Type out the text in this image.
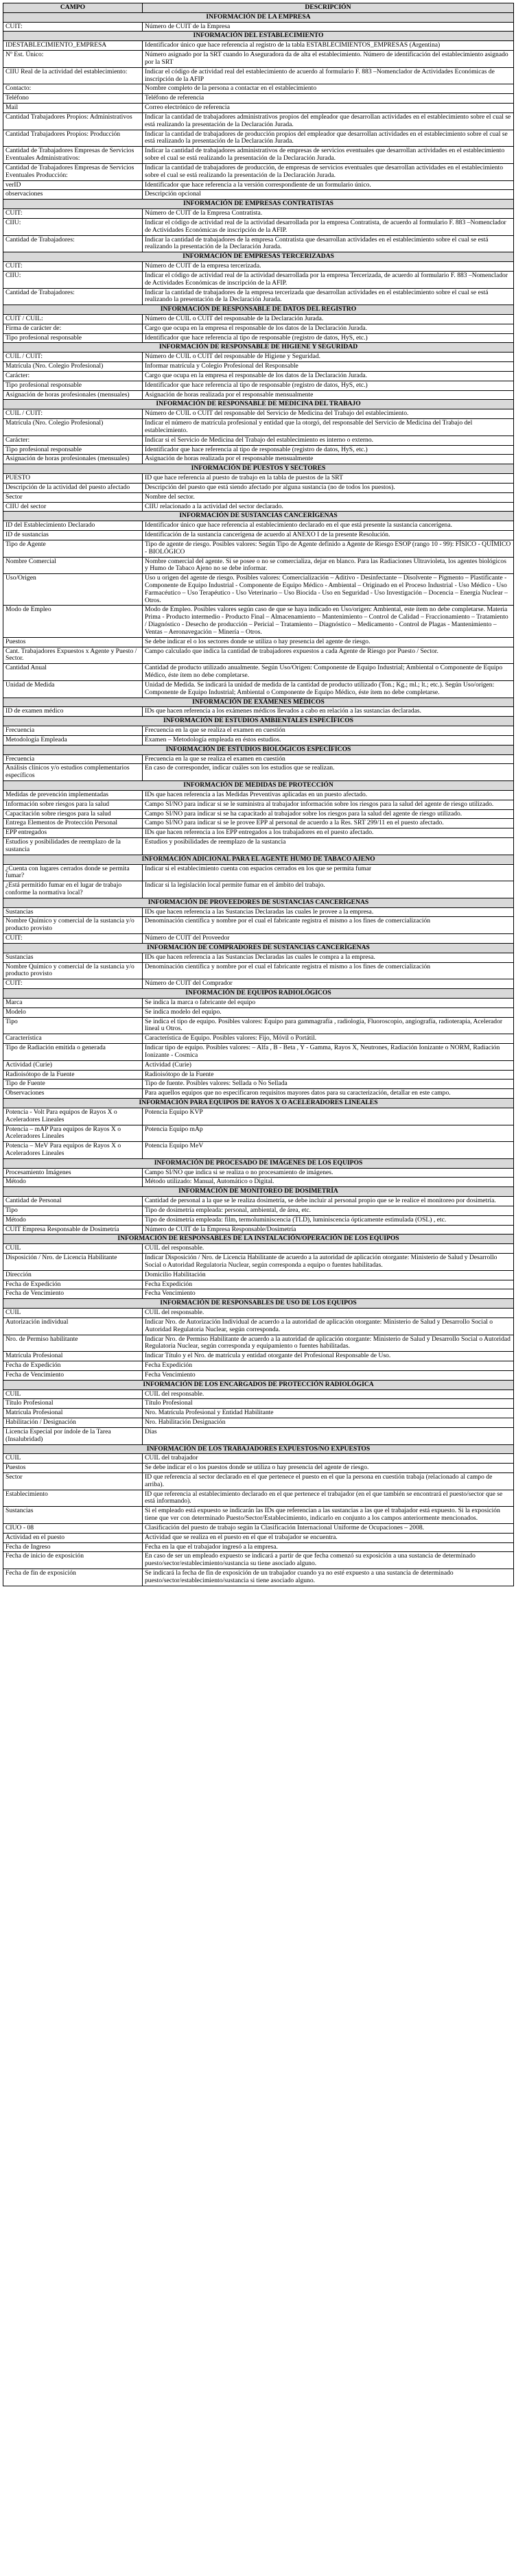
CAMPO	DESCRIPCIÓN
INFORMACIÓN DE LA EMPRESA	
CUIT:	Número de CUIT de la Empresa
INFORMACIÓN DEL ESTABLECIMIENTO	
IDESTABLECIMIENTO_EMPRESA	Identificador único que hace referencia al registro de la tabla ESTABLECIMIENTOS_EMPRESAS (Argentina)
Nº Est. Único:	Número asignado por la SRT cuando lo Aseguradora da de alta el establecimiento. Número de identificación del establecimiento asignado por la SRT
CIIU Real de la actividad del establecimiento:	Indicar el código de actividad real del establecimiento de acuerdo al formulario F. 883 –Nomenclador de Actividades Económicas de inscripción de la AFIP
Contacto:	Nombre completo de la persona a contactar en el establecimiento
Teléfono	Teléfono de referencia
Mail	Correo electrónico de referencia
Cantidad Trabajadores Propios: Administrativos	Indicar la cantidad de trabajadores administrativos propios del empleador que desarrollan actividades en el establecimiento sobre el cual se está realizando la presentación de la Declaración Jurada.
Cantidad Trabajadores Propios: Producción	Indicar la cantidad de trabajadores de producción propios del empleador que desarrollan actividades en el establecimiento sobre el cual se está realizando la presentación de la Declaración Jurada.
Cantidad de Trabajadores Empresas de Servicios Eventuales Administrativos:	Indicar la cantidad de trabajadores administrativos de empresas de servicios eventuales que desarrollan actividades en el establecimiento sobre el cual se está realizando la presentación de la Declaración Jurada.
Cantidad de Trabajadores Empresas de Servicios Eventuales Producción:	Indicar la cantidad de trabajadores de producción, de empresas de servicios eventuales que desarrollan actividades en el establecimiento sobre el cual se está realizando la presentación de la Declaración Jurada.
verID	Identificador que hace referencia a la versión correspondiente de un formulario único.
observaciones	Descripción opcional
INFORMACIÓN DE EMPRESAS CONTRATISTAS	
CUIT:	Número de CUIT de la Empresa Contratista.
CIIU:	Indicar el código de actividad real de la actividad desarrollada por la empresa Contratista, de acuerdo al formulario F. 883 –Nomenclador de Actividades Económicas de inscripción de la AFIP.
Cantidad de Trabajadores:	Indicar la cantidad de trabajadores de la empresa Contratista que desarrollan actividades en el establecimiento sobre el cual se está realizando la presentación de la Declaración Jurada.
INFORMACIÓN DE EMPRESAS TERCERIZADAS	
CUIT:	Número de CUIT de la empresa tercerizada.
CIIU:	Indicar el código de actividad real de la actividad desarrollada por la empresa Tercerizada, de acuerdo al formulario F. 883 –Nomenclador de Actividades Económicas de inscripción de la AFIP.
Cantidad de Trabajadores:	Indicar la cantidad de trabajadores de la empresa tercerizada que desarrollan actividades en el establecimiento sobre el cual se está realizando la presentación de la Declaración Jurada.
INFORMACIÓN DE RESPONSABLE DE DATOS DEL REGISTRO	
CUIT / CUIL:	Número de CUIL o CUIT del responsable de la Declaración Jurada.
Firma de carácter de:	Cargo que ocupa en la empresa el responsable de los datos de la Declaración Jurada.
Tipo profesional responsable	Identificador que hace referencia al tipo de responsable (registro de datos, HyS, etc.)
INFORMACIÓN DE RESPONSABLE DE HIGIENE Y SEGURIDAD	
CUIL / CUIT:	Número de CUIL o CUIT del responsable de Higiene y Seguridad.
Matrícula (Nro. Colegio Profesional)	Informar matrícula y Colegio Profesional del Responsable
Carácter:	Cargo que ocupa en la empresa el responsable de los datos de la Declaración Jurada.
Tipo profesional responsable	Identificador que hace referencia al tipo de responsable (registro de datos, HyS, etc.)
Asignación de horas profesionales (mensuales)	Asignación de horas realizada por el responsable mensualmente
INFORMACIÓN DE RESPONSABLE DE MEDICINA DEL TRABAJO	
CUIL / CUIT:	Número de CUIL o CUIT del responsable del Servicio de Medicina del Trabajo del establecimiento.
Matrícula (Nro. Colegio Profesional)	Indicar el número de matrícula profesional y entidad que la otorgó, del responsable del Servicio de Medicina del Trabajo del establecimiento.
Carácter:	Indicar si el Servicio de Medicina del Trabajo del establecimiento es interno o externo.
Tipo profesional responsable	Identificador que hace referencia al tipo de responsable (registro de datos, HyS, etc.)
Asignación de horas profesionales (mensuales)	Asignación de horas realizada por el responsable mensualmente
INFORMACIÓN DE PUESTOS Y SECTORES	
PUESTO	ID que hace referencia al puesto de trabajo en la tabla de puestos de la SRT
Descripción de la actividad del puesto afectado	Descripción del puesto que está siendo afectado por alguna sustancia (no de todos los puestos).
Sector	Nombre del sector.
CIIU del sector	CIIU relacionado a la actividad del sector declarado.
INFORMACIÓN DE SUSTANCIAS CANCERÍGENAS	
ID del Establecimiento Declarado	Identificador único que hace referencia al establecimiento declarado en el que está presente la sustancia cancerígena.
ID de sustancias	Identificación de la sustancia cancerígena de acuerdo al ANEXO I de la presente Resolución.
Tipo de Agente	Tipo de agente de riesgo. Posibles valores: Según Tipo de Agente definido a Agente de Riesgo ESOP (rango 10 - 99): FÍSICO - QUÍMICO - BIOLÓGICO
Nombre Comercial	Nombre comercial del agente. Si se posee o no se comercializa, dejar en blanco. Para las Radiaciones Ultravioleta, los agentes biológicos y Humo de Tabaco Ajeno no se debe informar.
Uso/Origen	Uso u origen del agente de riesgo. Posibles valores: Comercialización – Aditivo - Desinfectante – Disolvente – Pigmento – Plastificante - Componente de Equipo Industrial - Componente de Equipo Médico - Ambiental – Originado en el Proceso Industrial - Uso Médico - Uso Farmacéutico – Uso Terapéutico - Uso Veterinario – Uso Biocida - Uso en Seguridad - Uso Investigación – Docencia – Energía Nuclear – Otros.
Modo de Empleo	Modo de Empleo. Posibles valores según caso de que se haya indicado en Uso/origen: Ambiental, este ítem no debe completarse. Materia Prima - Producto intermedio - Producto Final – Almacenamiento – Mantenimiento – Control de Calidad – Fraccionamiento – Tratamiento / Diagnóstico - Desecho de producción – Pericial – Tratamiento – Diagnóstico – Medicamento - Control de Plagas - Mantenimiento – Ventas – Aeronavegación – Minería – Otros.
Puestos	Se debe indicar el o los sectores donde se utiliza o hay presencia del agente de riesgo.
Cant. Trabajadores Expuestos x Agente y Puesto / Sector.	Campo calculado que indica la cantidad de trabajadores expuestos a cada Agente de Riesgo por Puesto / Sector.
Cantidad Anual	Cantidad de producto utilizado anualmente. Según Uso/Origen: Componente de Equipo Industrial; Ambiental o Componente de Equipo Médico, éste ítem no debe completarse.
Unidad de Medida	Unidad de Medida. Se indicará la unidad de medida de la cantidad de producto utilizado (Ton.; Kg.; ml.; lt.; etc.). Según Uso/origen: Componente de Equipo Industrial; Ambiental o Componente de Equipo Médico, éste ítem no debe completarse.
INFORMACIÓN DE EXÁMENES MÉDICOS	
ID de examen médico	IDs que hacen referencia a los exámenes médicos llevados a cabo en relación a las sustancias declaradas.
INFORMACIÓN DE ESTUDIOS AMBIENTALES ESPECÍFICOS	
Frecuencia	Frecuencia en la que se realiza el examen en cuestión
Metodología Empleada	Examen – Metodología empleada en éstos estudios.
INFORMACIÓN DE ESTUDIOS BIOLÓGICOS ESPECÍFICOS	
Frecuencia	Frecuencia en la que se realiza el examen en cuestión
Análisis clínicos y/o estudios complementarios específicos	En caso de corresponder, indicar cuáles son los estudios que se realizan.
INFORMACIÓN DE MEDIDAS DE PROTECCIÓN	
Medidas de prevención implementadas	IDs que hacen referencia a las Medidas Preventivas aplicadas en un puesto afectado.
Información sobre riesgos para la salud	Campo SI/NO para indicar si se le suministra al trabajador información sobre los riesgos para la salud del agente de riesgo utilizado.
Capacitación sobre riesgos para la salud	Campo SI/NO para indicar si se ha capacitado al trabajador sobre los riesgos para la salud del agente de riesgo utilizado.
Entrega Elementos de Protección Personal	Campo SI/NO para indicar si se le provee EPP al personal de acuerdo a la Res. SRT 299/11 en el puesto afectado.
EPP entregados	IDs que hacen referencia a los EPP entregados a los trabajadores en el puesto afectado.
Estudios y posibilidades de reemplazo de la sustancia	Estudios y posibilidades de reemplazo de la sustancia
INFORMACIÓN ADICIONAL PARA EL AGENTE HUMO DE TABACO AJENO	
¿Cuenta con lugares cerrados donde se permita fumar?	Indicar si el establecimiento cuenta con espacios cerrados en los que se permita fumar
¿Está permitido fumar en el lugar de trabajo conforme la normativa local?	Indicar si la legislación local permite fumar en el ámbito del trabajo.
INFORMACIÓN DE PROVEEDORES DE SUSTANCIAS CANCERÍGENAS	
Sustancias	IDs que hacen referencia a las Sustancias Declaradas las cuales le provee a la empresa.
Nombre Químico y comercial de la sustancia y/o producto provisto	Denominación científica y nombre por el cual el fabricante registra el mismo a los fines de comercialización
CUIT:	Número de CUIT del Proveedor
INFORMACIÓN DE COMPRADORES DE SUSTANCIAS CANCERÍGENAS	
Sustancias	IDs que hacen referencia a las Sustancias Declaradas las cuales le compra a la empresa.
Nombre Químico y comercial de la sustancia y/o producto provisto	Denominación científica y nombre por el cual el fabricante registra el mismo a los fines de comercialización
CUIT:	Número de CUIT del Comprador
INFORMACIÓN DE EQUIPOS RADIOLÓGICOS	
Marca	Se indica la marca o fabricante del equipo
Modelo	Se indica modelo del equipo.
Tipo	Se indica el tipo de equipo. Posibles valores: Equipo para gammagrafía , radiología, Fluoroscopio, angiografía, radioterapia, Acelerador lineal u Otros.
Característica	Característica de Equipo. Posibles valores: Fijo, Móvil o Portátil.
Tipo de Radiación emitida o generada	Indicar tipo de equipo. Posibles valores: – Alfa , B - Beta , Y - Gamma, Rayos X, Neutrones, Radiación Ionizante o NORM, Radiación Ionizante - Cosmica
Actividad (Curie)	Actividad (Curie)
Radioisótopo de la Fuente	Radioisótopo de la Fuente
Tipo de Fuente	Tipo de fuente. Posibles valores: Sellada o No Sellada
Observaciones	Para aquellos equipos que no especificaron requisitos mayores datos para su caracterización, detallar en este campo.
INFORMACIÓN PARA EQUIPOS DE RAYOS X O ACELERADORES LINEALES	
Potencia - Volt Para equipos de Rayos X o Aceleradores Lineales	Potencia Equipo KVP
Potencia – mAP Para equipos de Rayos X o Aceleradores Lineales	Potencia Equipo mAp
Potencia – MeV Para equipos de Rayos X o Aceleradores Lineales	Potencia Equipo MeV
INFORMACIÓN DE PROCESADO DE IMÁGENES DE LOS EQUIPOS	
Procesamiento Imágenes	Campo SI/NO que indica si se realiza o no procesamiento de imágenes.
Método	Método utilizado: Manual, Automático o Digital.
INFORMACIÓN DE MONITOREO DE DOSIMETRÍA	
Cantidad de Personal	Cantidad de personal a la que se le realiza dosimetría, se debe incluir al personal propio que se le realice el monitoreo por dosimetría.
Tipo	Tipo de dosimetría empleada: personal, ambiental, de área, etc.
Método	Tipo de dosimetría empleada: film, termoluminiscencia (TLD), luminiscencia ópticamente estimulada (OSL) , etc.
CUIT Empresa Responsable de Dosimetría	Número de CUIT de la Empresa Responsable/Dosimetría
INFORMACIÓN DE RESPONSABLES DE LA INSTALACIÓN/OPERACIÓN DE LOS EQUIPOS	
CUIL	CUIL del responsable.
Disposición / Nro. de Licencia Habilitante	Indicar Disposición / Nro. de Licencia Habilitante de acuerdo a la autoridad de aplicación otorgante: Ministerio de Salud y Desarrollo Social o Autoridad Regulatoria Nuclear, según corresponda a equipo o fuentes habilitadas.
Dirección	Domicilio Habilitación
Fecha de Expedición	Fecha Expedición
Fecha de Vencimiento	Fecha Vencimiento
INFORMACIÓN DE RESPONSABLES DE USO DE LOS EQUIPOS	
CUIL	CUIL del responsable.
Autorización individual	Indicar Nro. de Autorización Individual de acuerdo a la autoridad de aplicación otorgante: Ministerio de Salud y Desarrollo Social o Autoridad Regulatoria Nuclear, según corresponda.
Nro. de Permiso habilitante	Indicar Nro. de Permiso Habilitante de acuerdo a la autoridad de aplicación otorgante: Ministerio de Salud y Desarrollo Social o Autoridad Regulatoria Nuclear, según corresponda y equipamiento o fuentes habilitadas.
Matrícula Profesional	Indicar Título y el Nro. de matrícula y entidad otorgante del Profesional Responsable de Uso.
Fecha de Expedición	Fecha Expedición
Fecha de Vencimiento	Fecha Vencimiento
INFORMACIÓN DE LOS ENCARGADOS DE PROTECCIÓN RADIOLÓGICA	
CUIL	CUIL del responsable.
Título Profesional	Título Profesional
Matrícula Profesional	Nro. Matrícula Profesional y Entidad Habilitante
Habilitación / Designación	Nro. Habilitación Designación
Licencia Especial por índole de la Tarea (Insalubridad)	Días
INFORMACIÓN DE LOS TRABAJADORES EXPUESTOS/NO EXPUESTOS	
CUIL	CUIL del trabajador
Puestos	Se debe indicar el o los puestos donde se utiliza o hay presencia del agente de riesgo.
Sector	ID que referencia al sector declarado en el que pertenece el puesto en el que la persona en cuestión trabaja (relacionado al campo de arriba).
Establecimiento	ID que referencia al establecimiento declarado en el que pertenece el trabajador (en el que también se encontrará el puesto/sector que se está informando).
Sustancias	Si el empleado está expuesto se indicarán las IDs que referencian a las sustancias a las que el trabajador está expuesto. Si la exposición tiene que ver con determinado Puesto/Sector/Establecimiento, indicarlo en conjunto a los campos anteriormente mencionados.
CIUO - 08	Clasificación del puesto de trabajo según la Clasificación Internacional Uniforme de Ocupaciones – 2008.
Actividad en el puesto	Actividad que se realiza en el puesto en el que el trabajador se encuentra.
Fecha de Ingreso	Fecha en la que el trabajador ingresó a la empresa.
Fecha de inicio de exposición	En caso de ser un empleado expuesto se indicará a partir de que fecha comenzó su exposición a una sustancia de determinado puesto/sector/establecimiento/sustancia su tiene asociado alguno.
Fecha de fin de exposición	Se indicará la fecha de fin de exposición de un trabajador cuando ya no esté expuesto a una sustancia de determinado puesto/sector/establecimiento/sustancia si tiene asociado alguno.
